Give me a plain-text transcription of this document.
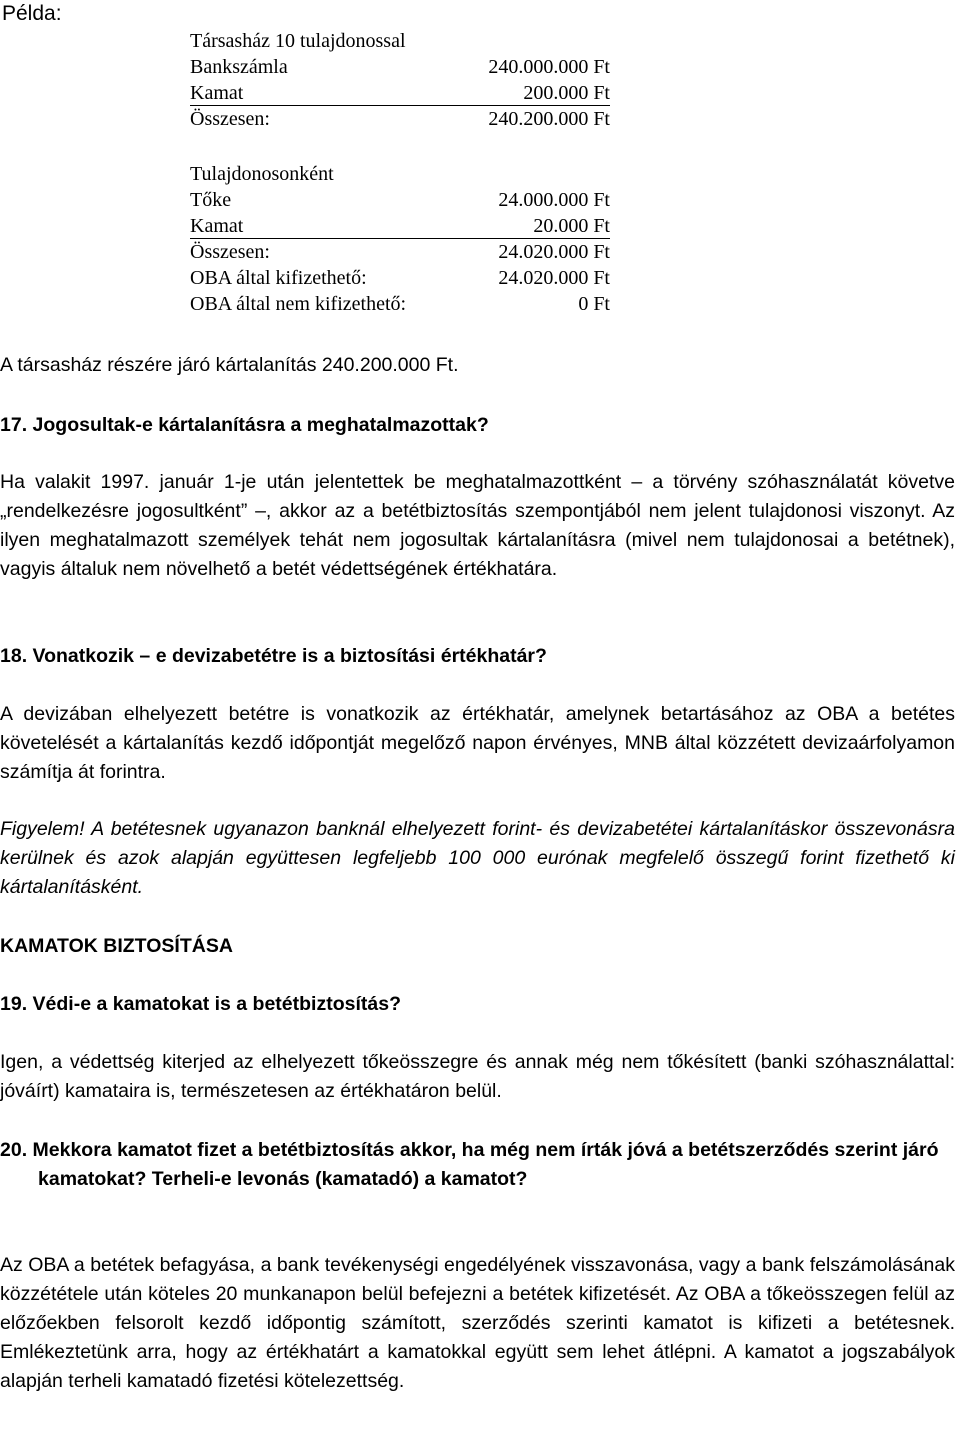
Példa:
Társasház 10 tulajdonossal
Bankszámla	240.000.000 Ft
Kamat	200.000 Ft
Összesen:	240.200.000 Ft
Tulajdonosonként
Tőke	24.000.000 Ft
Kamat	20.000 Ft
Összesen:	24.020.000 Ft
OBA által kifizethető:	24.020.000 Ft
OBA által nem kifizethető:	0 Ft
A társasház részére járó kártalanítás 240.200.000 Ft.
17. Jogosultak-e kártalanításra a meghatalmazottak?
Ha valakit 1997. január 1-je után jelentettek be meghatalmazottként – a törvény szóhasználatát követve „rendelkezésre jogosultként” –, akkor az a betétbiztosítás szempontjából nem jelent tulajdonosi viszonyt. Az ilyen meghatalmazott személyek tehát nem jogosultak kártalanításra (mivel nem tulajdonosai a betétnek), vagyis általuk nem növelhető a betét védettségének értékhatára.
18. Vonatkozik – e devizabetétre is a biztosítási értékhatár?
A devizában elhelyezett betétre is vonatkozik az értékhatár, amelynek betartásához az OBA a betétes követelését a kártalanítás kezdő időpontját megelőző napon érvényes, MNB által közzétett devizaárfolyamon számítja át forintra.
Figyelem! A betétesnek ugyanazon banknál elhelyezett forint- és devizabetétei kártalanításkor összevonásra kerülnek és azok alapján együttesen legfeljebb 100 000 eurónak megfelelő összegű forint fizethető ki kártalanításként.
KAMATOK BIZTOSÍTÁSA
19. Védi-e a kamatokat is a betétbiztosítás?
Igen, a védettség kiterjed az elhelyezett tőkeösszegre és annak még nem tőkésített (banki szóhasználattal: jóváírt) kamataira is, természetesen az értékhatáron belül.
20. Mekkora kamatot fizet a betétbiztosítás akkor, ha még nem írták jóvá a betétszerződés szerint járó kamatokat? Terheli-e levonás (kamatadó) a kamatot?
Az OBA a betétek befagyása, a bank tevékenységi engedélyének visszavonása, vagy a bank felszámolásának közzététele után köteles 20 munkanapon belül befejezni a betétek kifizetését. Az OBA a tőkeösszegen felül az előzőekben felsorolt kezdő időpontig számított, szerződés szerinti kamatot is kifizeti a betétesnek. Emlékeztetünk arra, hogy az értékhatárt a kamatokkal együtt sem lehet átlépni. A kamatot a jogszabályok alapján terheli kamatadó fizetési kötelezettség.
